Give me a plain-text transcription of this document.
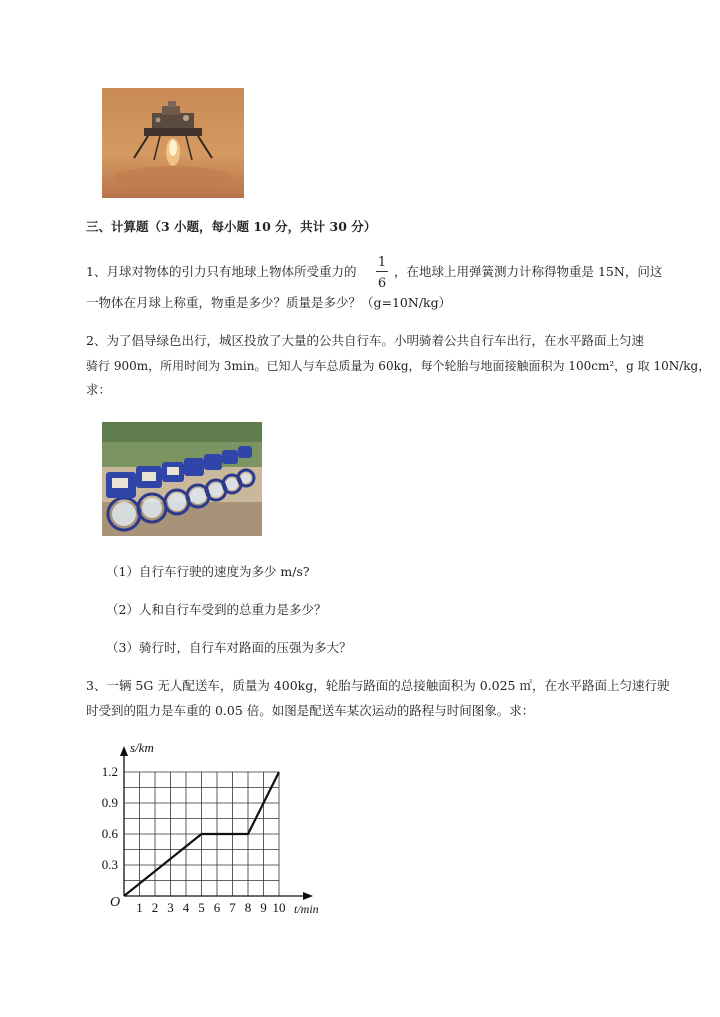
三、计算题（3 小题，每小题 10 分，共计 30 分）
1、月球对物体的引力只有地球上物体所受重力的
1
6
，在地球上用弹簧测力计称得物重是 15N，问这
一物体在月球上称重，物重是多少？质量是多少？（g=10N/kg）
2、为了倡导绿色出行，城区投放了大量的公共自行车。小明骑着公共自行车出行，在水平路面上匀速
骑行 900m，所用时间为 3min。已知人与车总质量为 60kg，每个轮胎与地面接触面积为 100cm²，g 取 10N/kg，
求：
（1）自行车行驶的速度为多少 m/s?
（2）人和自行车受到的总重力是多少？
（3）骑行时，自行车对路面的压强为多大？
3、一辆 5G 无人配送车，质量为 400kg，轮胎与路面的总接触面积为 0.025 ㎡，在水平路面上匀速行驶
时受到的阻力是车重的 0.05 倍。如图是配送车某次运动的路程与时间图象。求：
1 2 3 4 5 6 7 8 9 10
0.3
0.6
0.9
1.2
s/km
t/min
O
